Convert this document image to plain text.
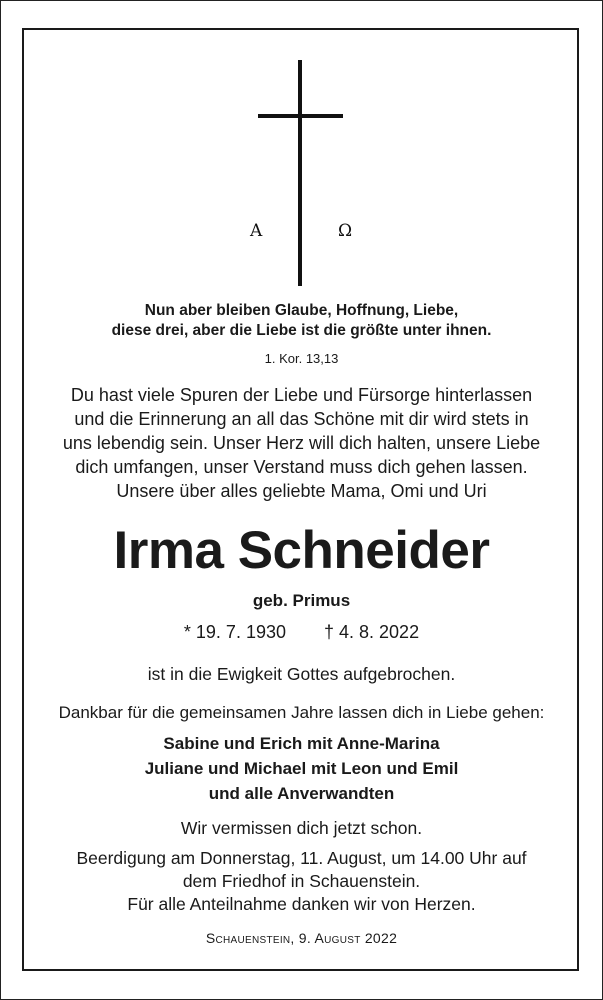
Α	Ω
Nun aber bleiben Glaube, Hoffnung, Liebe,
diese drei, aber die Liebe ist die größte unter ihnen.
1. Kor. 13,13
Du hast viele Spuren der Liebe und Fürsorge hinterlassen
und die Erinnerung an all das Schöne mit dir wird stets in
uns lebendig sein. Unser Herz will dich halten, unsere Liebe
dich umfangen, unser Verstand muss dich gehen lassen.
Unsere über alles geliebte Mama, Omi und Uri
Irma Schneider
geb. Primus
* 19. 7. 1930 † 4. 8. 2022
ist in die Ewigkeit Gottes aufgebrochen.
Dankbar für die gemeinsamen Jahre lassen dich in Liebe gehen:
Sabine und Erich mit Anne-Marina
Juliane und Michael mit Leon und Emil
und alle Anverwandten
Wir vermissen dich jetzt schon.
Beerdigung am Donnerstag, 11. August, um 14.00 Uhr auf
dem Friedhof in Schauenstein.
Für alle Anteilnahme danken wir von Herzen.
Schauenstein, 9. August 2022
